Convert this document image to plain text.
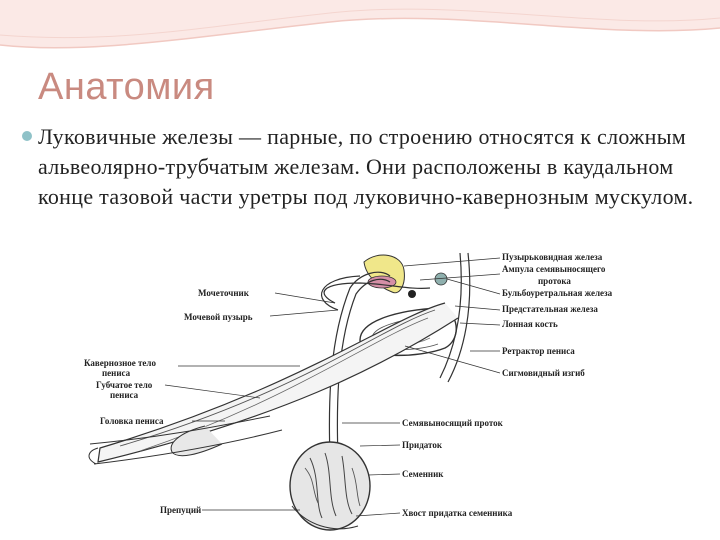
Анатомия
Луковичные железы — парные, по строению относятся к сложным альвеолярно-трубчатым железам. Они расположены в каудальном конце тазовой части уретры под луковично-кавернозным мускулом.
Мочеточник
Мочевой пузырь
Кавернозное тело
пениса
Губчатое тело
пениса
Головка пениса
Препуций
Пузырьковидная железа
Ампула семявыносящего
протока
Бульбоуретральная железа
Предстательная железа
Лонная кость
Ретрактор пениса
Сигмовидный изгиб
Семявыносящий проток
Придаток
Семенник
Хвост придатка семенника
